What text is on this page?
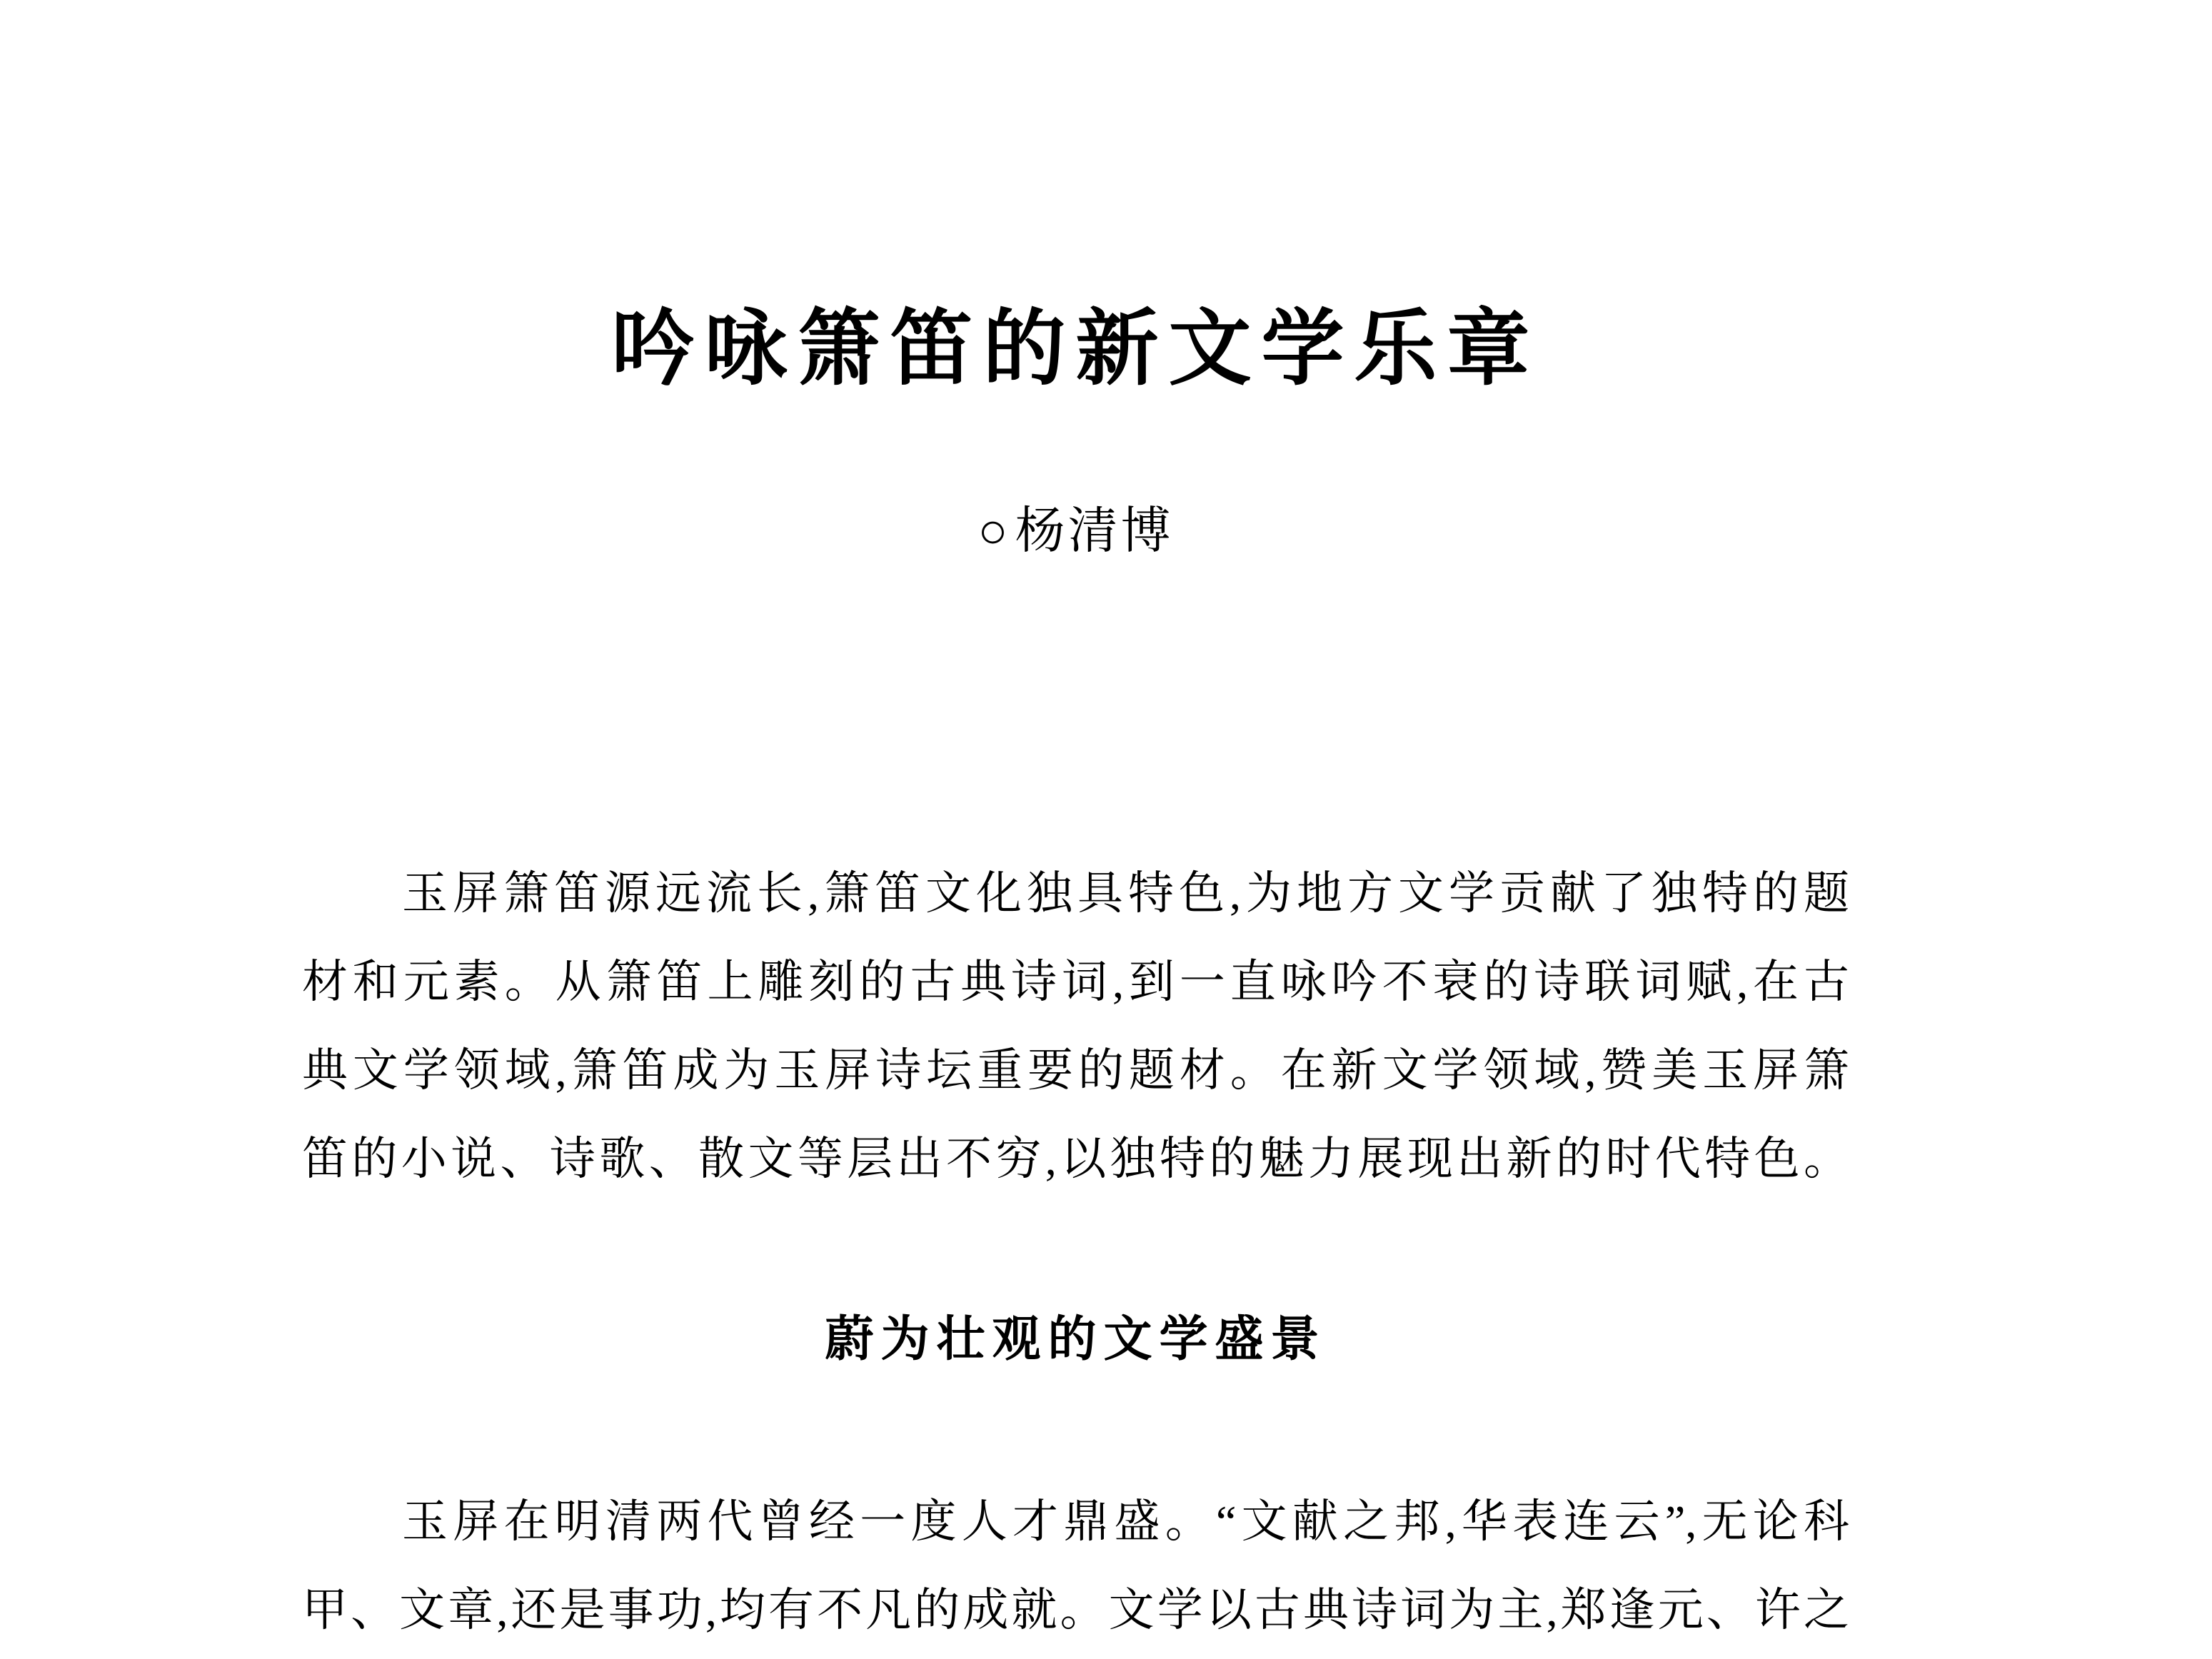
吟咏箫笛的新文学乐章
○杨清博
玉屏箫笛源远流长,箫笛文化独具特色,为地方文学贡献了独特的题
材和元素。从箫笛上雕刻的古典诗词,到一直咏吟不衰的诗联词赋,在古
典文学领域,箫笛成为玉屏诗坛重要的题材。在新文学领域,赞美玉屏箫
笛的小说、诗歌、散文等层出不穷,以独特的魅力展现出新的时代特色。
蔚为壮观的文学盛景
玉屏在明清两代曾经一度人才鼎盛。“文献之邦,华表连云”,无论科
甲、文章,还是事功,均有不凡的成就。文学以古典诗词为主,郑逢元、许之
